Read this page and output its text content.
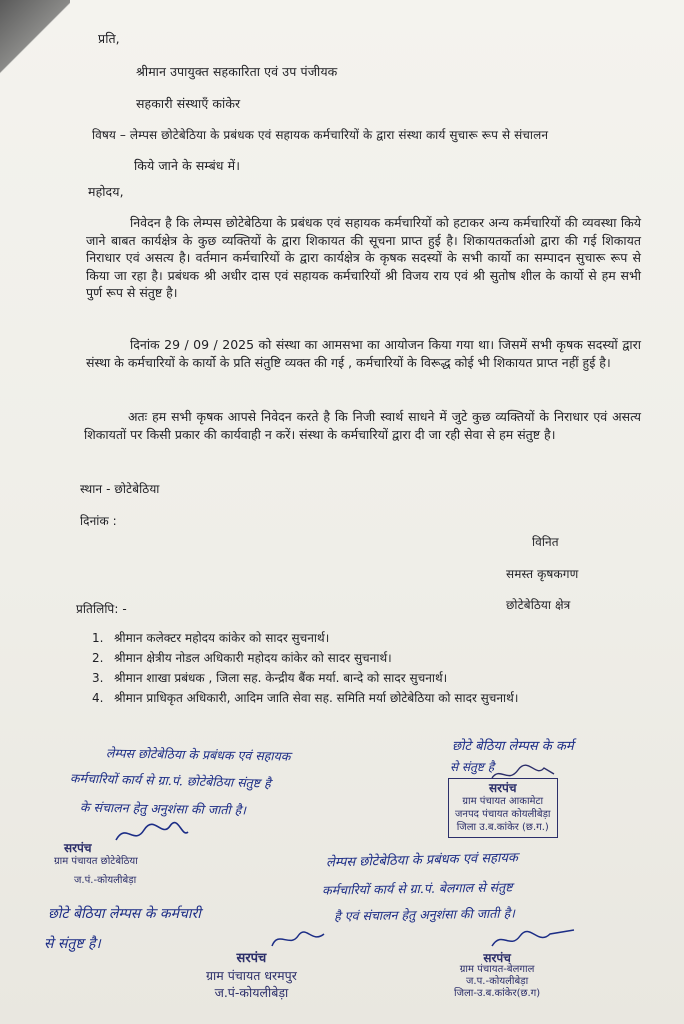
प्रति,
श्रीमान उपायुक्त सहकारिता एवं उप पंजीयक
सहकारी संस्थाएँ कांकेर
विषय – लेम्पस छोटेबेठिया के प्रबंधक एवं सहायक कर्मचारियों के द्वारा संस्था कार्य सुचारू रूप से संचालन
किये जाने के सम्बंध में।
महोदय,
निवेदन है कि लेम्पस छोटेबेठिया के प्रबंधक एवं सहायक कर्मचारियों को हटाकर अन्य कर्मचारियों की व्यवस्था किये जाने बाबत कार्यक्षेत्र के कुछ व्यक्तियों के द्वारा शिकायत की सूचना प्राप्त हुई है। शिकायतकर्ताओ द्वारा की गई शिकायत निराधार एवं असत्य है। वर्तमान कर्मचारियों के द्वारा कार्यक्षेत्र के कृषक सदस्यों के सभी कार्यो का सम्पादन सुचारू रूप से किया जा रहा है। प्रबंधक श्री अधीर दास एवं सहायक कर्मचारियों श्री विजय राय एवं श्री सुतोष शील के कार्यो से हम सभी पुर्ण रूप से संतुष्ट है।
दिनांक 29 / 09 / 2025 को संस्था का आमसभा का आयोजन किया गया था। जिसमें सभी कृषक सदस्यों द्वारा संस्था के कर्मचारियों के कार्यो के प्रति संतुष्टि व्यक्त की गई , कर्मचारियों के विरूद्ध कोई भी शिकायत प्राप्त नहीं हुई है।
अतः हम सभी कृषक आपसे निवेदन करते है कि निजी स्वार्थ साधने में जुटे कुछ व्यक्तियों के निराधार एवं असत्य शिकायतों पर किसी प्रकार की कार्यवाही न करें। संस्था के कर्मचारियों द्वारा दी जा रही सेवा से हम संतुष्ट है।
स्थान - छोटेबेठिया
दिनांक :
विनित
समस्त कृषकगण
छोटेबेठिया क्षेत्र
प्रतिलिपि: -
1. श्रीमान कलेक्टर महोदय कांकेर को सादर सुचनार्थ।
2. श्रीमान क्षेत्रीय नोडल अधिकारी महोदय कांकेर को सादर सुचनार्थ।
3. श्रीमान शाखा प्रबंधक , जिला सह. केन्द्रीय बैंक मर्या. बान्दे को सादर सुचनार्थ।
4. श्रीमान प्राधिकृत अधिकारी, आदिम जाति सेवा सह. समिति मर्या छोटेबेठिया को सादर सुचनार्थ।
लेम्पस छोटेबेठिया के प्रबंधक एवं सहायक
कर्मचारियों कार्य से ग्रा.पं. छोटेबेठिया संतुष्ट है
के संचालन हेतु अनुशंसा की जाती है।
छोटे बेठिया लेम्पस के कर्म
से संतुष्ट है
लेम्पस छोटेबेठिया के प्रबंधक एवं सहायक
कर्मचारियों कार्य से ग्रा.पं. बेलगाल से संतुष्ट
है एवं संचालन हेतु अनुशंसा की जाती है।
छोटे बेठिया लेम्पस के कर्मचारी
से संतुष्ट है।
सरपंच
ग्राम पंचायत छोटेबेठिया
ज.पं.-कोयलीबेड़ा
सरपंच
ग्राम पंचायत आकामेटा
जनपद पंचायत कोयलीबेड़ा
जिला उ.ब.कांकेर (छ.ग.)
सरपंच
ग्राम पंचायत धरमपुर
ज.पं-कोयलीबेड़ा
सरपंच
ग्राम पंचायत-बेलगाल
ज.प.-कोयलीबेड़ा
जिला-उ.ब.कांकेर(छ.ग)
